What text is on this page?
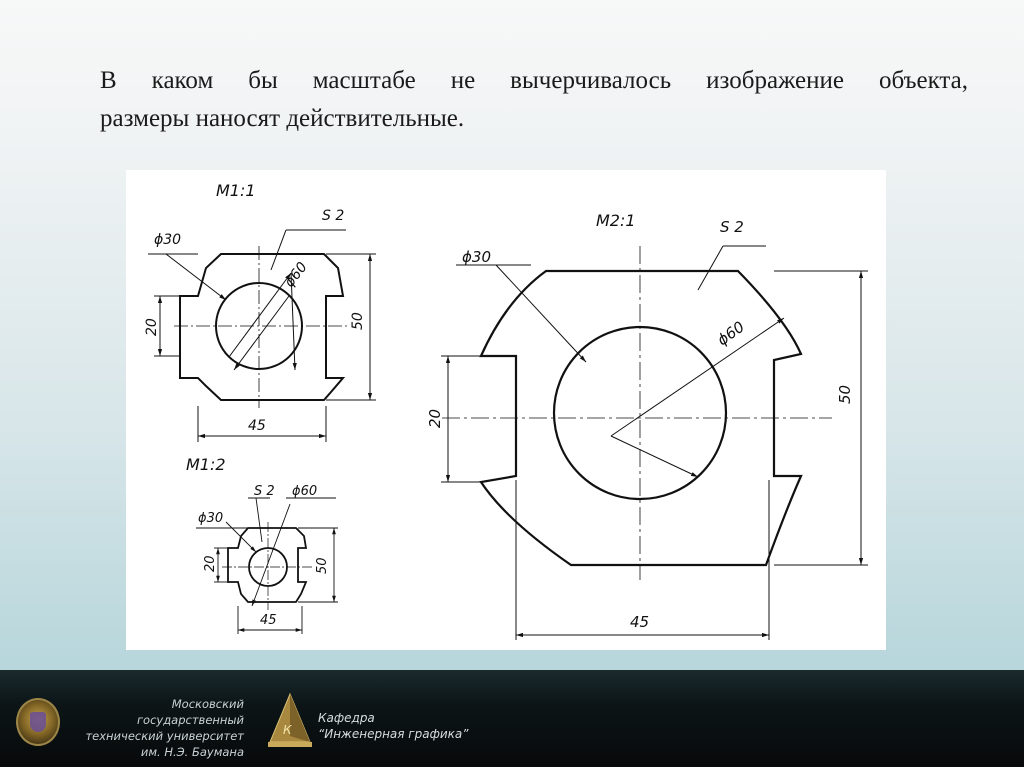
В каком бы масштабе не вычерчивалось изображение объекта,
размеры наносят действительные.
М1:1
S 2
ϕ30
ϕ60
50
45
20
М1:2
S 2
ϕ30
ϕ60
50
45
20
М2:1	S 2
ϕ30
ϕ60
50
45
20
Московский государственный
технический университет
им. Н.Э. Баумана
К
Кафедра
“Инженерная графика”
